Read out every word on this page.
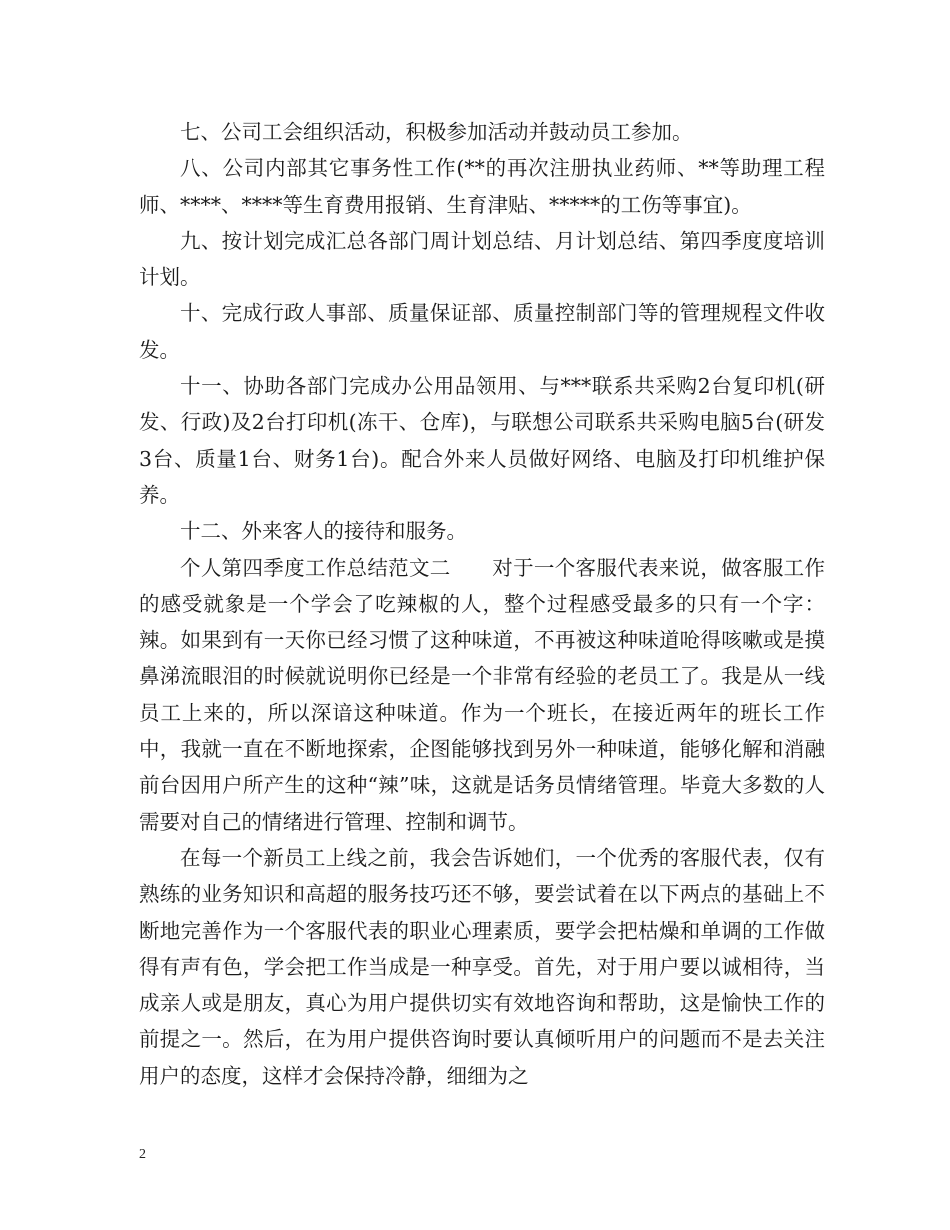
七、公司工会组织活动，积极参加活动并鼓动员工参加。

八、公司内部其它事务性工作(**的再次注册执业药师、**等助理工程师、****、****等生育费用报销、生育津贴、*****的工伤等事宜)。

九、按计划完成汇总各部门周计划总结、月计划总结、第四季度度培训计划。

十、完成行政人事部、质量保证部、质量控制部门等的管理规程文件收发。

十一、协助各部门完成办公用品领用、与***联系共采购2台复印机(研发、行政)及2台打印机(冻干、仓库)，与联想公司联系共采购电脑5台(研发3台、质量1台、财务1台)。配合外来人员做好网络、电脑及打印机维护保养。

十二、外来客人的接待和服务。

个人第四季度工作总结范文二　　对于一个客服代表来说，做客服工作的感受就象是一个学会了吃辣椒的人，整个过程感受最多的只有一个字：辣。如果到有一天你已经习惯了这种味道，不再被这种味道呛得咳嗽或是摸鼻涕流眼泪的时候就说明你已经是一个非常有经验的老员工了。我是从一线员工上来的，所以深谙这种味道。作为一个班长，在接近两年的班长工作中，我就一直在不断地探索，企图能够找到另外一种味道，能够化解和消融前台因用户所产生的这种“辣”味，这就是话务员情绪管理。毕竟大多数的人需要对自己的情绪进行管理、控制和调节。

在每一个新员工上线之前，我会告诉她们，一个优秀的客服代表，仅有熟练的业务知识和高超的服务技巧还不够，要尝试着在以下两点的基础上不断地完善作为一个客服代表的职业心理素质，要学会把枯燥和单调的工作做得有声有色，学会把工作当成是一种享受。首先，对于用户要以诚相待，当成亲人或是朋友，真心为用户提供切实有效地咨询和帮助，这是愉快工作的前提之一。然后，在为用户提供咨询时要认真倾听用户的问题而不是去关注用户的态度，这样才会保持冷静，细细为之

2
